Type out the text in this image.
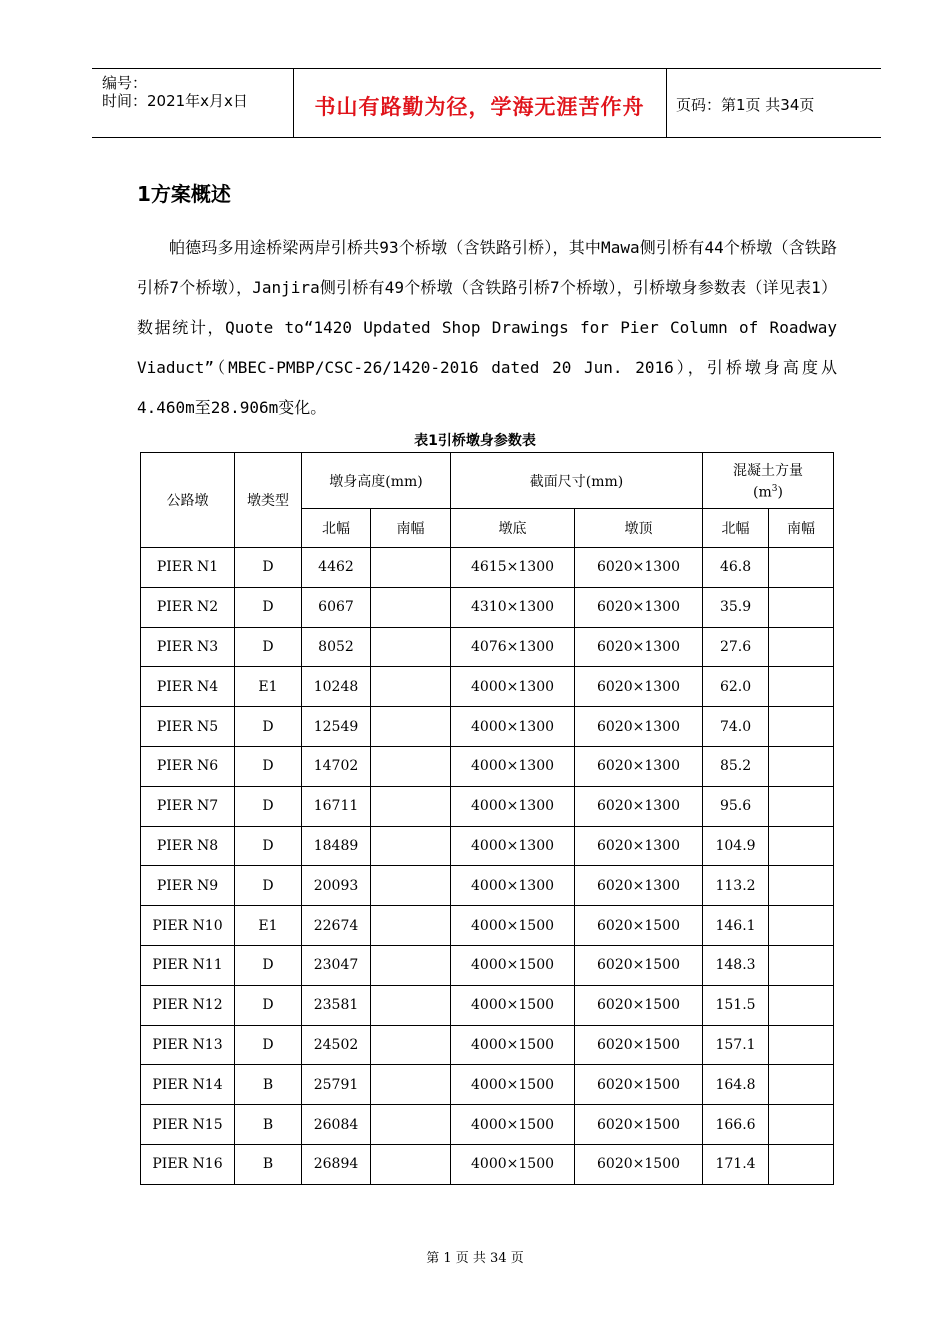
编号：
时间：2021年x月x日	书山有路勤为径，学海无涯苦作舟	页码：第1页 共34页
1方案概述

帕德玛多用途桥梁两岸引桥共93个桥墩（含铁路引桥），其中Mawa侧引桥有44个桥墩（含铁路引桥7个桥墩），Janjira侧引桥有49个桥墩（含铁路引桥7个桥墩），引桥墩身参数表（详见表1）数据统计，Quote to“1420 Updated Shop Drawings for Pier Column of Roadway Viaduct”（MBEC-PMBP/CSC-26/1420-2016 dated 20 Jun. 2016），引桥墩身高度从4.460m至28.906m变化。

表1引桥墩身参数表
公路墩	墩类型	墩身高度(mm)		截面尺寸(mm)		混凝土方量
$(m^3)$	

		北幅	南幅	墩底	墩顶	北幅	南幅
PIER N1	D	4462		4615×1300	6020×1300	46.8	
PIER N2	D	6067		4310×1300	6020×1300	35.9	
PIER N3	D	8052		4076×1300	6020×1300	27.6	
PIER N4	E1	10248		4000×1300	6020×1300	62.0	
PIER N5	D	12549		4000×1300	6020×1300	74.0	
PIER N6	D	14702		4000×1300	6020×1300	85.2	
PIER N7	D	16711		4000×1300	6020×1300	95.6	
PIER N8	D	18489		4000×1300	6020×1300	104.9	
PIER N9	D	20093		4000×1300	6020×1300	113.2	
PIER N10	E1	22674		4000×1500	6020×1500	146.1	
PIER N11	D	23047		4000×1500	6020×1500	148.3	
PIER N12	D	23581		4000×1500	6020×1500	151.5	
PIER N13	D	24502		4000×1500	6020×1500	157.1	
PIER N14	B	25791		4000×1500	6020×1500	164.8	
PIER N15	B	26084		4000×1500	6020×1500	166.6	
PIER N16	B	26894		4000×1500	6020×1500	171.4	
第 1 页 共 34 页
